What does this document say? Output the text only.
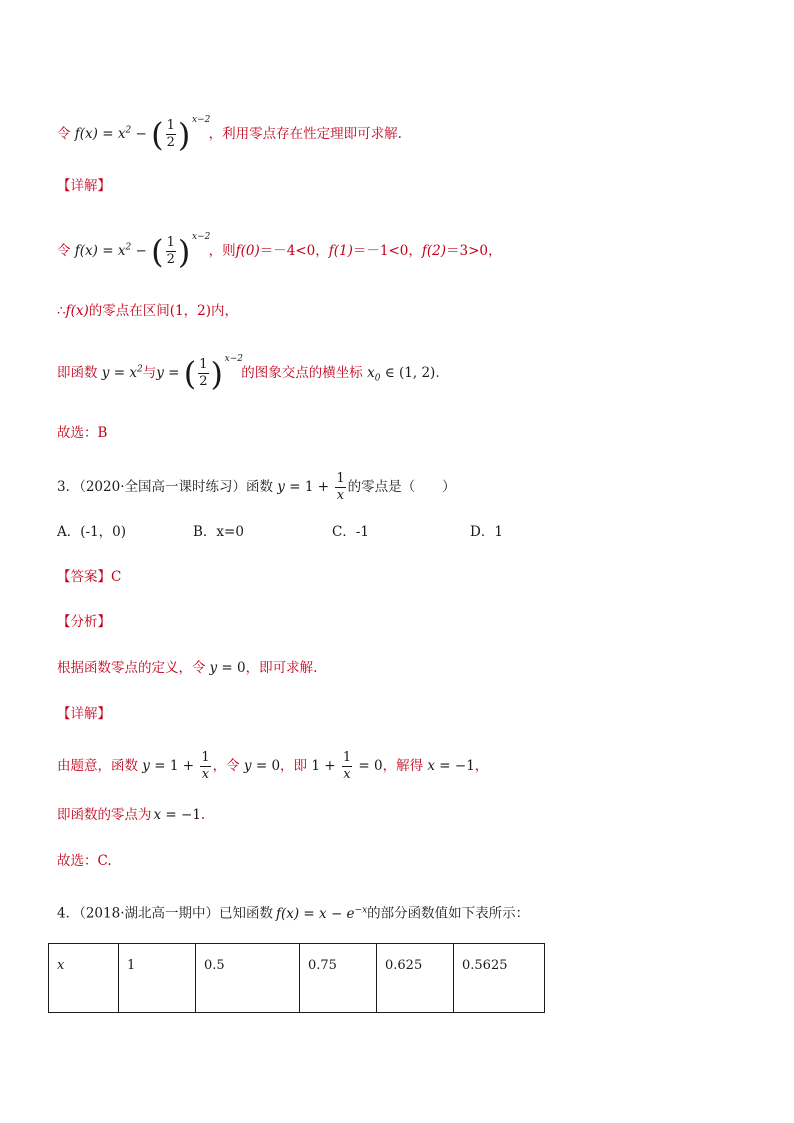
令 $f(x) = x^2$ − ( $\frac{1}{2}$ ) x−2
，利用零点存在性定理即可求解.
【详解】
令 $f(x) = x^2$ − ( $\frac{1}{2}$ ) x−2
，则f(0)＝－4<0，f(1)＝－1<0，f(2)＝3>0，
∴f(x)的零点在区间(1，2)内，
即函数 $y = x^2$与y = ( $\frac{1}{2}$ ) x−2
的图象交点的横坐标 $x_0$ ∈ (1, 2).
故选：B
3．（2020·全国高一课时练习）函数 $y = 1 + \frac{1}{x}$ 的零点是（　　）
A．(-1，0)	B．x=0	C．-1	D．1
【答案】C
【分析】
根据函数零点的定义，令 y = 0，即可求解.
【详解】
由题意，函数 $y = 1 + \frac{1}{x}$ ，令 y = 0，即 $1 + \frac{1}{x} = 0$，解得 x = −1，
即函数的零点为 x = −1.
故选：C.
4．（2018·湖北高一期中）已知函数 $f(x) = x - e^{-x}$的部分函数值如下表所示：
x	1	0.5	0.75	0.625	0.5625
